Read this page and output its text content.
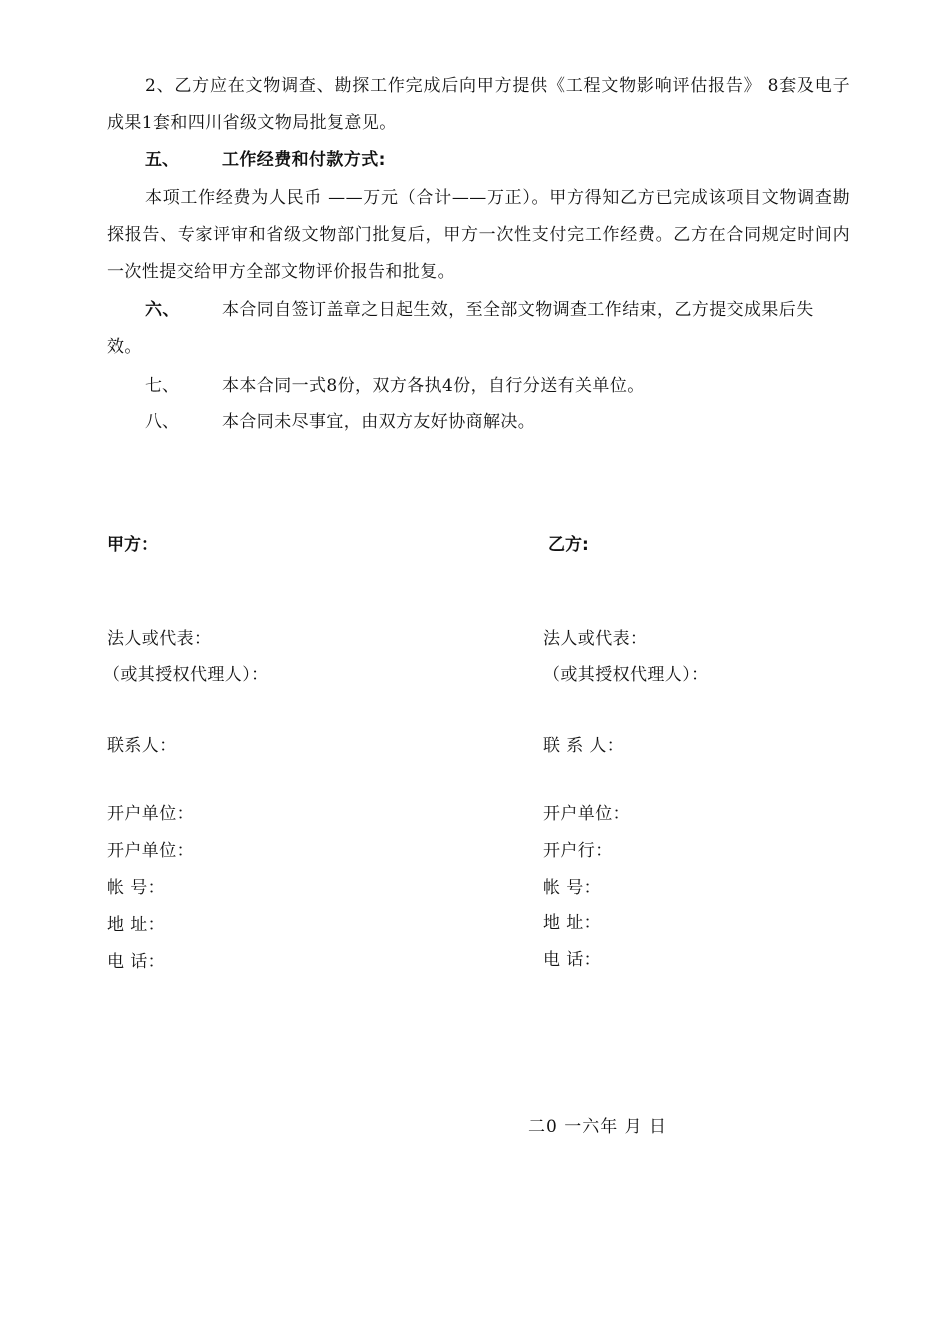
2、乙方应在文物调查、勘探工作完成后向甲方提供《工程文物影响评估报告》 8套及电子成果1套和四川省级文物局批复意见。
五、	工作经费和付款方式:
本项工作经费为人民币 ——万元（合计——万正）。甲方得知乙方已完成该项目文物调查勘探报告、专家评审和省级文物部门批复后，甲方一次性支付完工作经费。乙方在合同规定时间内一次性提交给甲方全部文物评价报告和批复。
六、 本合同自签订盖章之日起生效，至全部文物调查工作结束，乙方提交成果后失 效。
七、	本本合同一式8份，双方各执4份，自行分送有关单位。
八、	本合同未尽事宜，由双方友好协商解决。
甲方：
法人或代表：
（或其授权代理人）：
联系人：
开户单位：
开户单位：
帐 号：
地 址：
电 话：
乙方:
法人或代表：
（或其授权代理人）：
联 系 人：
开户单位：
开户行：
帐 号：
地 址：
电 话：
二0 一六年 月 日
